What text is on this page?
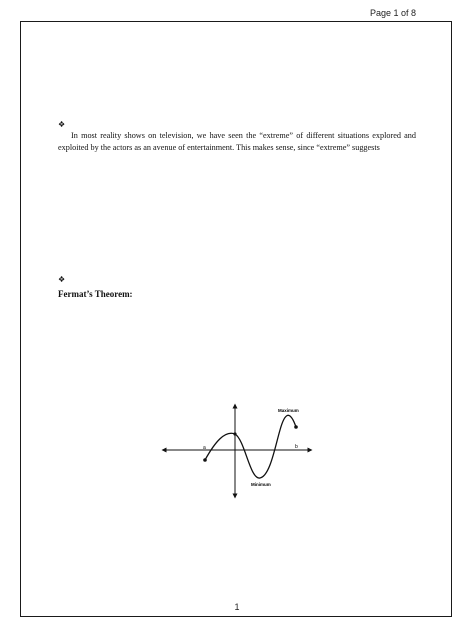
Page 1 of 8
❖

In most reality shows on television, we have seen the “extreme” of different situations explored and exploited by the actors as an avenue of entertainment. This makes sense, since “extreme” suggests

❖

Fermat’s Theorem:

a	b
Maximum
Minimum
1
